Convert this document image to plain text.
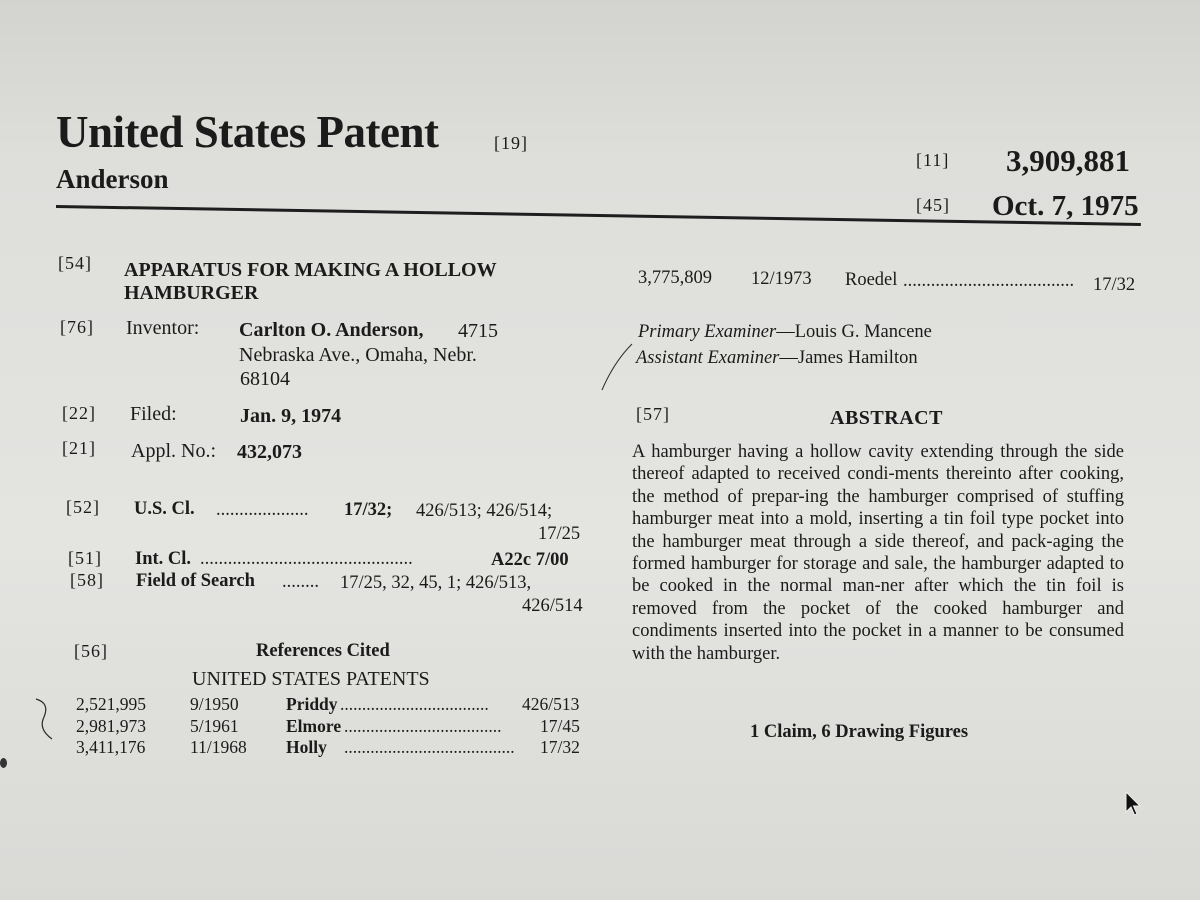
United States Patent	[19]
Anderson
[11] 3,909,881
[45] Oct. 7, 1975
[54] APPARATUS FOR MAKING A HOLLOW
HAMBURGER
[76] Inventor: Carlton O. Anderson, 4715
Nebraska Ave., Omaha, Nebr.
68104
[22] Filed:	Jan. 9, 1974
[21] Appl. No.: 432,073
[52] U.S. Cl. .................... 17/32; 426/513; 426/514;
17/25
[51] Int. Cl. ..............................................	A22c 7/00
[58] Field of Search ........ 17/25, 32, 45, 1; 426/513,
426/514
[56]	References Cited
UNITED STATES PATENTS
2,521,995	9/1950	Priddy .................................. 426/513
2,981,973	5/1961	Elmore .................................... 17/45
3,411,176	11/1968 Holly ....................................... 17/32
3,775,809 12/1973 Roedel ..................................... 17/32
Primary Examiner—Louis G. Mancene
Assistant Examiner—James Hamilton
[57]	ABSTRACT
A hamburger having a hollow cavity extending through the side thereof adapted to received condi-ments thereinto after cooking, the method of prepar-ing the hamburger comprised of stuffing hamburger meat into a mold, inserting a tin foil type pocket into the hamburger meat through a side thereof, and pack-aging the formed hamburger for storage and sale, the hamburger adapted to be cooked in the normal man-ner after which the tin foil is removed from the pocket of the cooked hamburger and condiments inserted into the pocket in a manner to be consumed with the hamburger.
1 Claim, 6 Drawing Figures
